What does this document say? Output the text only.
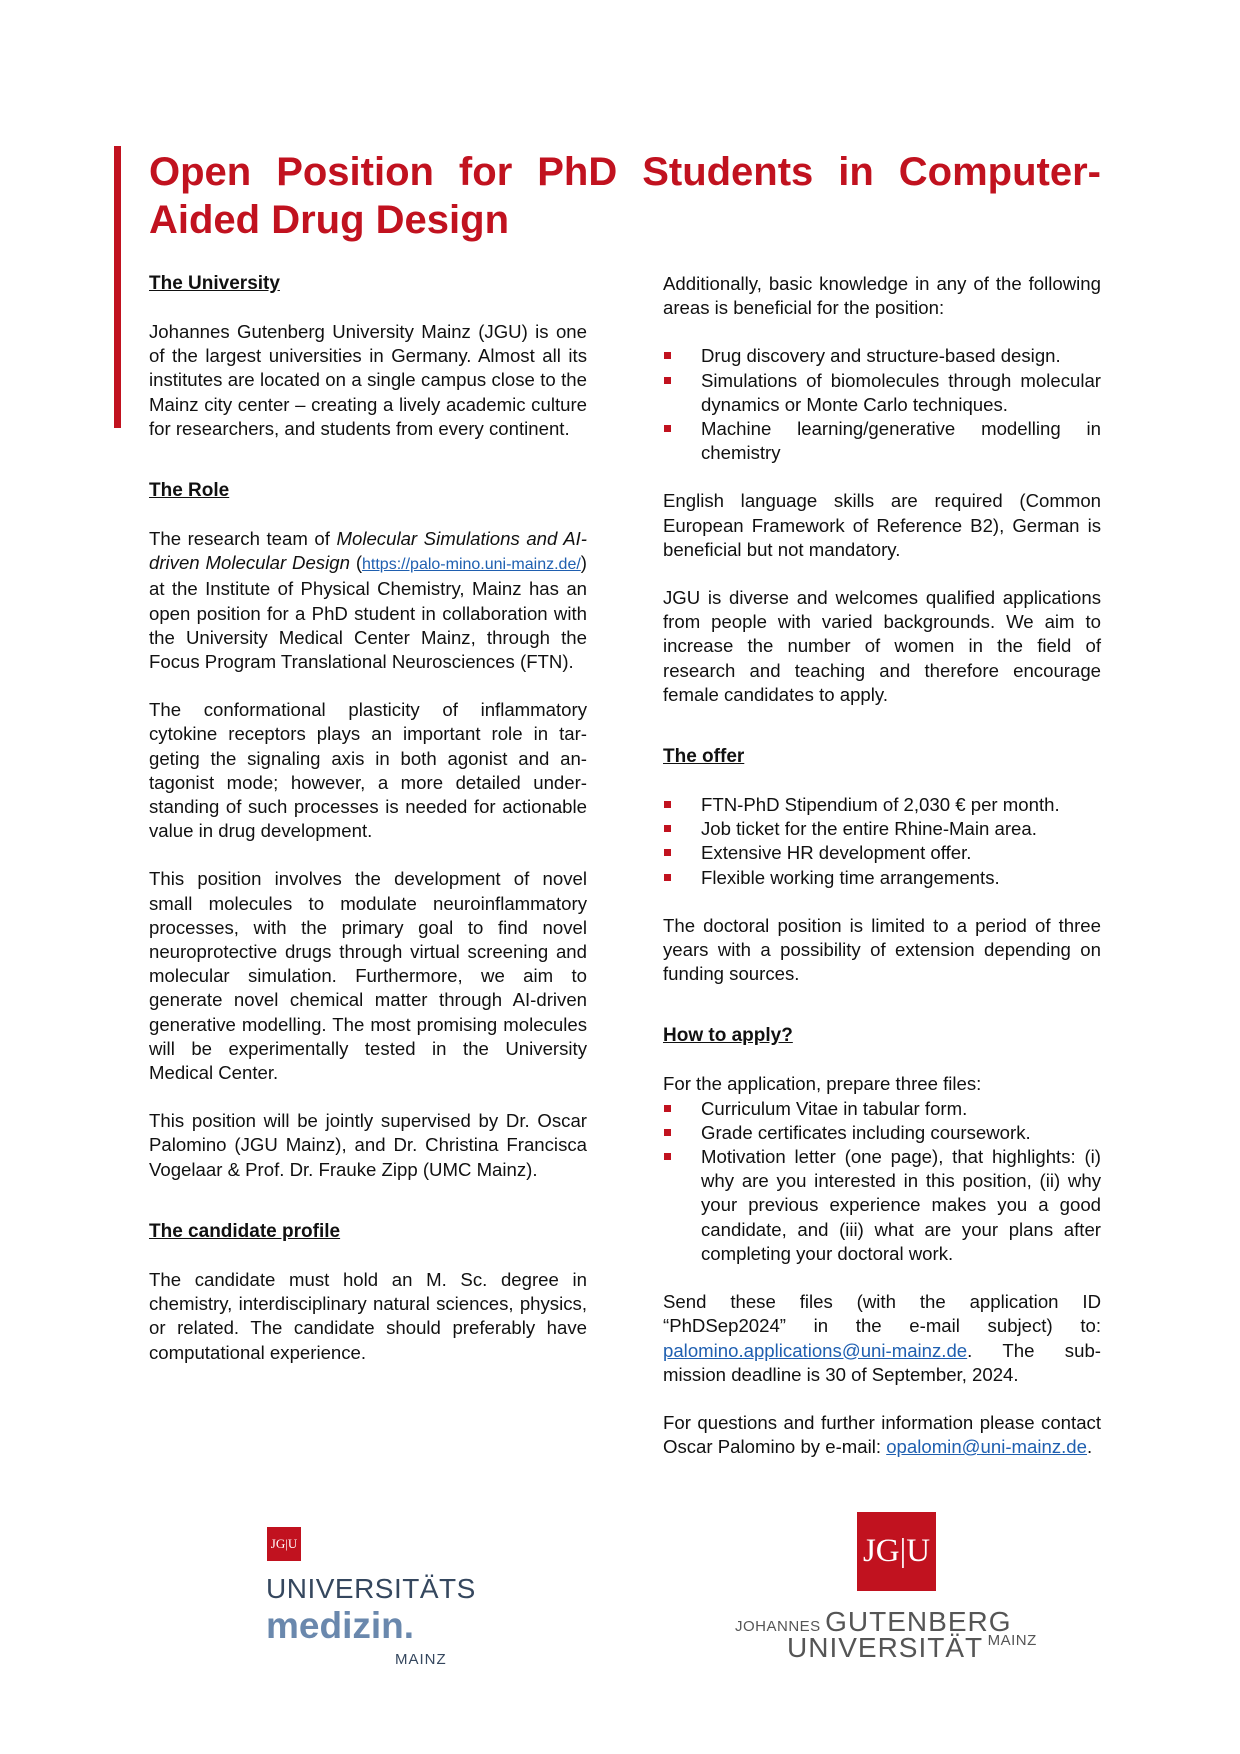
Open Position for PhD Students in Computer-Aided Drug Design
The University

Johannes Gutenberg University Mainz (JGU) is one of the largest universities in Germany. Almost all its institutes are located on a single campus close to the Mainz city center – creating a lively academic culture for researchers, and students from every continent.

The Role

The research team of Molecular Simulations and AI-driven Molecular Design (https://palo-mino.uni-mainz.de/) at the Institute of Physical Chemistry, Mainz has an open position for a PhD student in collaboration with the University Medical Center Mainz, through the Focus Program Translational Neurosciences (FTN).

The conformational plasticity of inflammatory cytokine receptors plays an important role in targeting the signaling axis in both agonist and antagonist mode; however, a more detailed understanding of such processes is needed for actionable value in drug development.

This position involves the development of novel small molecules to modulate neuroinflammatory processes, with the primary goal to find novel neuroprotective drugs through virtual screening and molecular simulation. Furthermore, we aim to generate novel chemical matter through AI-driven generative modelling. The most promising molecules will be experimentally tested in the University Medical Center.

This position will be jointly supervised by Dr. Oscar Palomino (JGU Mainz), and Dr. Christina Francisca Vogelaar & Prof. Dr. Frauke Zipp (UMC Mainz).

The candidate profile

The candidate must hold an M. Sc. degree in chemistry, interdisciplinary natural sciences, physics, or related. The candidate should preferably have computational experience.

Additionally, basic knowledge in any of the following areas is beneficial for the position:

Drug discovery and structure-based design.
Simulations of biomolecules through molecular dynamics or Monte Carlo techniques.
Machine learning/generative modelling in chemistry

English language skills are required (Common European Framework of Reference B2), German is beneficial but not mandatory.

JGU is diverse and welcomes qualified applications from people with varied backgrounds. We aim to increase the number of women in the field of research and teaching and therefore encourage female candidates to apply.

The offer
FTN-PhD Stipendium of 2,030 € per month.
Job ticket for the entire Rhine-Main area.
Extensive HR development offer.
Flexible working time arrangements.

The doctoral position is limited to a period of three years with a possibility of extension depending on funding sources.

How to apply?

For the application, prepare three files:

Curriculum Vitae in tabular form.
Grade certificates including coursework.
Motivation letter (one page), that highlights: (i) why are you interested in this position, (ii) why your previous experience makes you a good candidate, and (iii) what are your plans after completing your doctoral work.

Send these files (with the application ID “PhDSep2024” in the e-mail subject) to: palomino.applications@uni-mainz.de. The submission deadline is 30 of September, 2024.

For questions and further information please contact Oscar Palomino by e-mail: opalomin@uni-mainz.de.

JG|U
UNIVERSITÄTS
medizin.
MAINZ
JG|U
JOHANNES GUTENBERG
UNIVERSITÄT MAINZ
